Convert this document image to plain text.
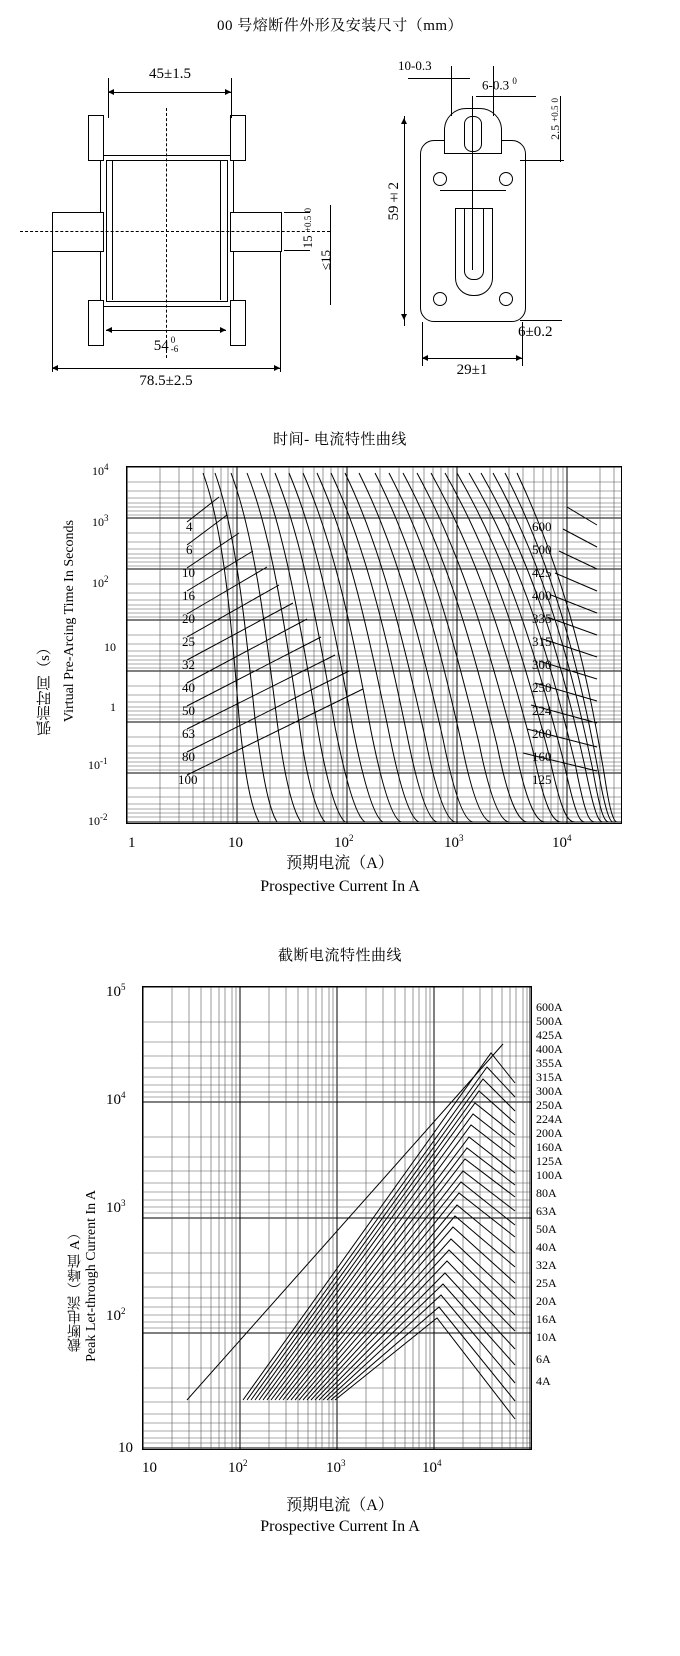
00 号熔断件外形及安装尺寸（mm）
45±1.5
54 0
-6
78.5±2.5
15 +0.5 0
≤15
10-0.3
6-0.3 $^0$
2.5 +0.5 0
59±2
6±0.2
29±1
时间- 电流特性曲线
弧前时间（s） Virtual Pre-Arcing Time In Seconds
$10^4$
$10^3$
$10^2$
10
1
$10^{-1}$
$10^{-2}$
4
6
10
16
20
25
32
40
50
63
80
100
600
500
425
400
335
315
300
250
224
200
160
125
1	10	$10^2$	$10^3$	$10^4$
预期电流（A）
Prospective Current In A
截断电流特性曲线
截断电流（峰值 A） Peak Let-through Current In A
$10^5$
$10^4$
$10^3$
$10^2$
10
600A
500A
425A
400A
355A
315A
300A
250A
224A
200A
160A
125A
100A
80A
63A
50A
40A
32A
25A
20A
16A
10A
6A
4A
10	$10^2$	$10^3$	$10^4$
预期电流（A）
Prospective Current In A
